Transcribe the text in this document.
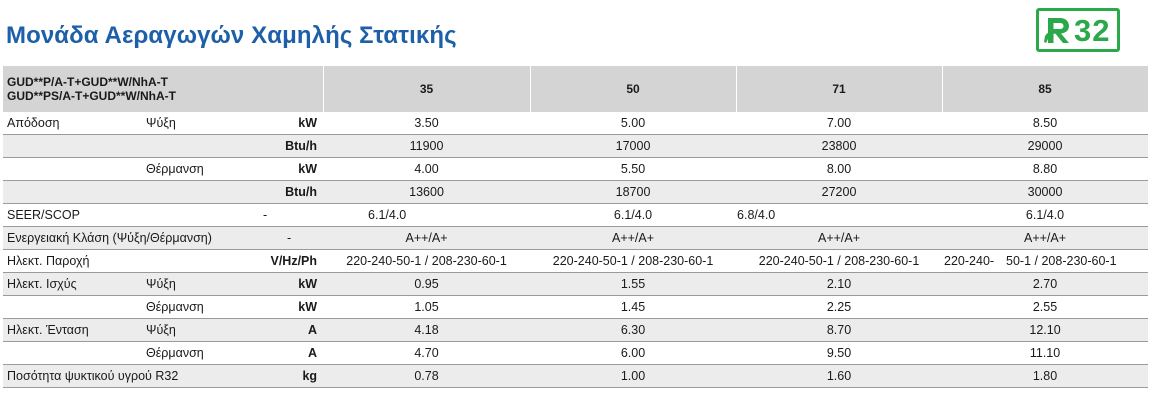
Μονάδα Αεραγωγών Χαμηλής Στατικής	32
GUD**P/A-T+GUD**W/NhA-T
GUD**PS/A-T+GUD**W/NhA-T			35	50	71	85
Απόδοση	Ψύξη	kW	3.50	5.00	7.00	8.50
		Btu/h	11900	17000	23800	29000
	Θέρμανση	kW	4.00	5.50	8.00	8.80
		Btu/h	13600	18700	27200	30000
SEER/SCOP		-	6.1/4.0	6.1/4.0	6.8/4.0	6.1/4.0
Ενεργειακή Κλάση (Ψύξη/Θέρμανση)		-	A++/A+	A++/A+	A++/A+	A++/A+
Ηλεκτ. Παροχή		V/Hz/Ph	220-240-50-1 / 208-230-60-1	220-240-50-1 / 208-230-60-1	220-240-50-1 / 208-230-60-1	220-240- 50-1 / 208-230-60-1
Ηλεκτ. Ισχύς	Ψύξη	kW	0.95	1.55	2.10	2.70
	Θέρμανση	kW	1.05	1.45	2.25	2.55
Ηλεκτ. Ένταση	Ψύξη	A	4.18	6.30	8.70	12.10
	Θέρμανση	A	4.70	6.00	9.50	11.10
Ποσότητα ψυκτικού υγρού R32		kg	0.78	1.00	1.60	1.80
